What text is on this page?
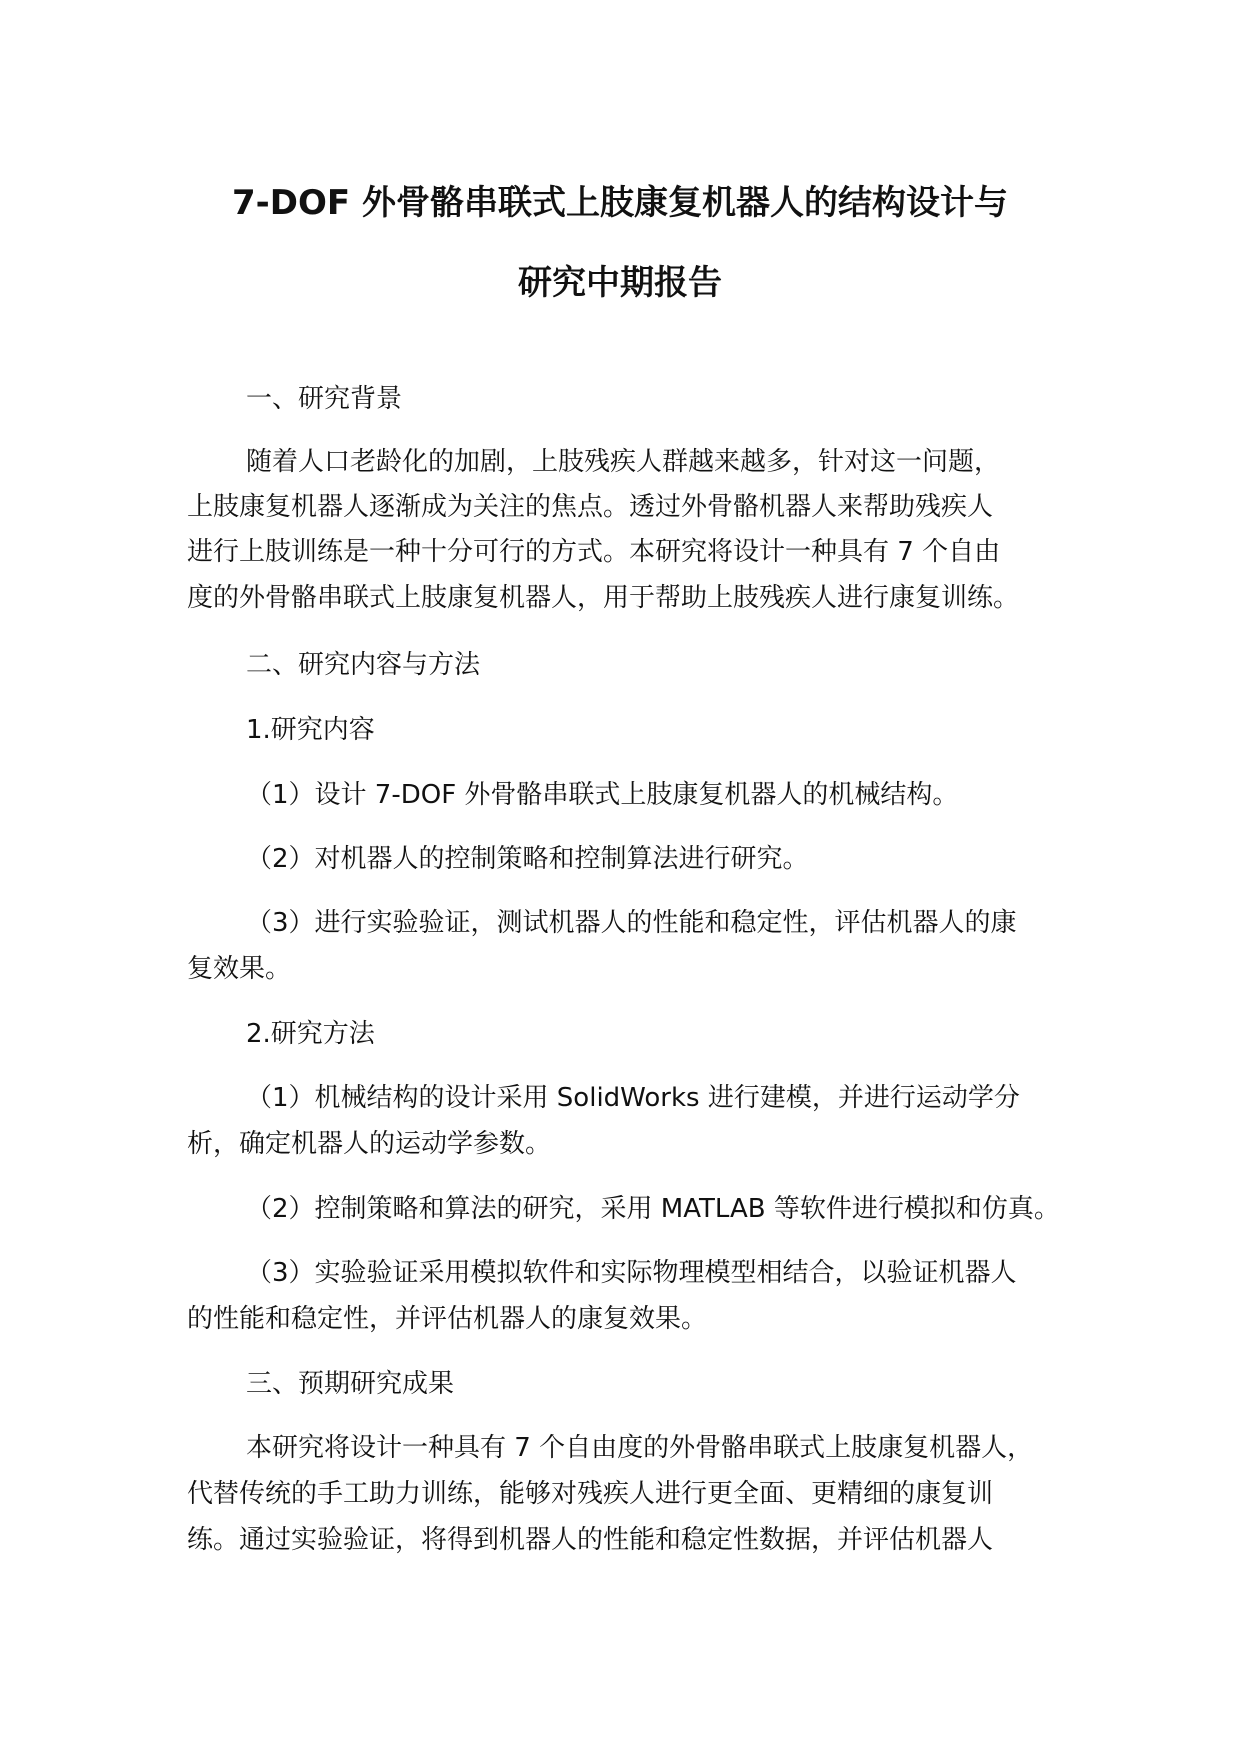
7-DOF 外骨骼串联式上肢康复机器人的结构设计与
研究中期报告

一、研究背景

随着人口老龄化的加剧，上肢残疾人群越来越多，针对这一问题，

上肢康复机器人逐渐成为关注的焦点。透过外骨骼机器人来帮助残疾人

进行上肢训练是一种十分可行的方式。本研究将设计一种具有 7 个自由

度的外骨骼串联式上肢康复机器人，用于帮助上肢残疾人进行康复训练。

二、研究内容与方法

1.研究内容

（1）设计 7-DOF 外骨骼串联式上肢康复机器人的机械结构。

（2）对机器人的控制策略和控制算法进行研究。

（3）进行实验验证，测试机器人的性能和稳定性，评估机器人的康

复效果。

2.研究方法

（1）机械结构的设计采用 SolidWorks 进行建模，并进行运动学分

析，确定机器人的运动学参数。

（2）控制策略和算法的研究，采用 MATLAB 等软件进行模拟和仿真。

（3）实验验证采用模拟软件和实际物理模型相结合，以验证机器人

的性能和稳定性，并评估机器人的康复效果。

三、预期研究成果

本研究将设计一种具有 7 个自由度的外骨骼串联式上肢康复机器人，

代替传统的手工助力训练，能够对残疾人进行更全面、更精细的康复训

练。通过实验验证，将得到机器人的性能和稳定性数据，并评估机器人
